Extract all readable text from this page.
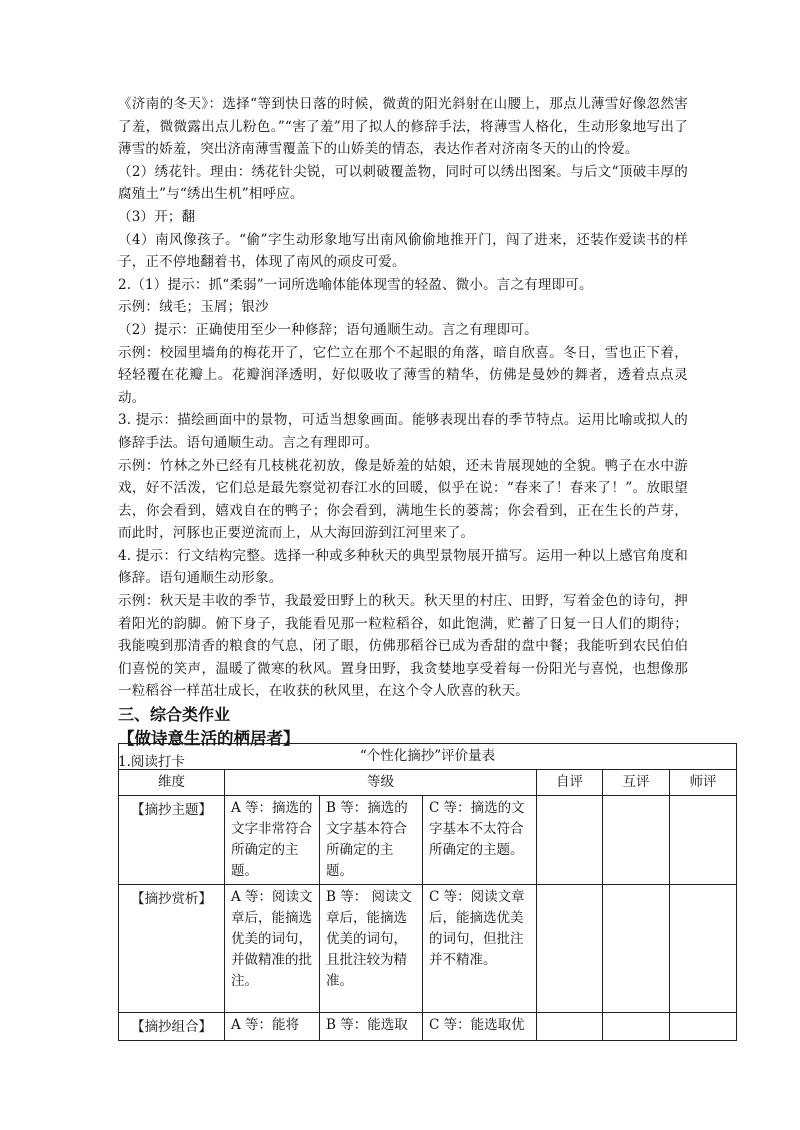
《济南的冬天》：选择“等到快日落的时候，微黄的阳光斜射在山腰上，那点儿薄雪好像忽然害了羞，微微露出点儿粉色。”“害了羞”用了拟人的修辞手法，将薄雪人格化，生动形象地写出了薄雪的娇羞，突出济南薄雪覆盖下的山娇美的情态，表达作者对济南冬天的山的怜爱。

（2）绣花针。理由：绣花针尖锐，可以刺破覆盖物，同时可以绣出图案。与后文“顶破丰厚的腐殖土”与“绣出生机”相呼应。

（3）开；翻

（4）南风像孩子。“偷”字生动形象地写出南风偷偷地推开门，闯了进来，还装作爱读书的样子，正不停地翻着书，体现了南风的顽皮可爱。

2.（1）提示：抓“柔弱”一词所选喻体能体现雪的轻盈、微小。言之有理即可。

示例：绒毛；玉屑；银沙

（2）提示：正确使用至少一种修辞；语句通顺生动。言之有理即可。

示例：校园里墙角的梅花开了，它伫立在那个不起眼的角落，暗自欣喜。冬日，雪也正下着，轻轻覆在花瓣上。花瓣润泽透明，好似吸收了薄雪的精华，仿佛是曼妙的舞者，透着点点灵动。

3. 提示：描绘画面中的景物，可适当想象画面。能够表现出春的季节特点。运用比喻或拟人的修辞手法。语句通顺生动。言之有理即可。

示例：竹林之外已经有几枝桃花初放，像是娇羞的姑娘，还未肯展现她的全貌。鸭子在水中游戏，好不活泼，它们总是最先察觉初春江水的回暖，似乎在说：“春来了！春来了！”。放眼望去，你会看到，嬉戏自在的鸭子；你会看到，满地生长的蒌蒿；你会看到，正在生长的芦芽，而此时，河豚也正要逆流而上，从大海回游到江河里来了。

4. 提示：行文结构完整。选择一种或多种秋天的典型景物展开描写。运用一种以上感官角度和修辞。语句通顺生动形象。

示例：秋天是丰收的季节，我最爱田野上的秋天。秋天里的村庄、田野，写着金色的诗句，押着阳光的韵脚。俯下身子，我能看见那一粒粒稻谷，如此饱满，贮蓄了日复一日人们的期待；我能嗅到那清香的粮食的气息，闭了眼，仿佛那稻谷已成为香甜的盘中餐；我能听到农民伯伯们喜悦的笑声，温暖了微寒的秋风。置身田野，我贪婪地享受着每一份阳光与喜悦，也想像那一粒稻谷一样茁壮成长，在收获的秋风里，在这个令人欣喜的秋天。

三、综合类作业

【做诗意生活的栖居者】

1.阅读打卡	“个性化摘抄”评价量表						
维度	等级			自评	互评	师评
【摘抄主题】	A 等：摘选的文字非常符合所确定的主题。	B 等：摘选的文字基本符合所确定的主题。	C 等：摘选的文字基本不太符合所确定的主题。			
【摘抄赏析】	A 等：阅读文章后，能摘选优美的词句，并做精准的批注。	B 等： 阅读文章后，能摘选优美的词句，且批注较为精准。	C 等：阅读文章后，能摘选优美的词句，但批注并不精准。			
【摘抄组合】	A 等：能将	B 等：能选取	C 等：能选取优			
